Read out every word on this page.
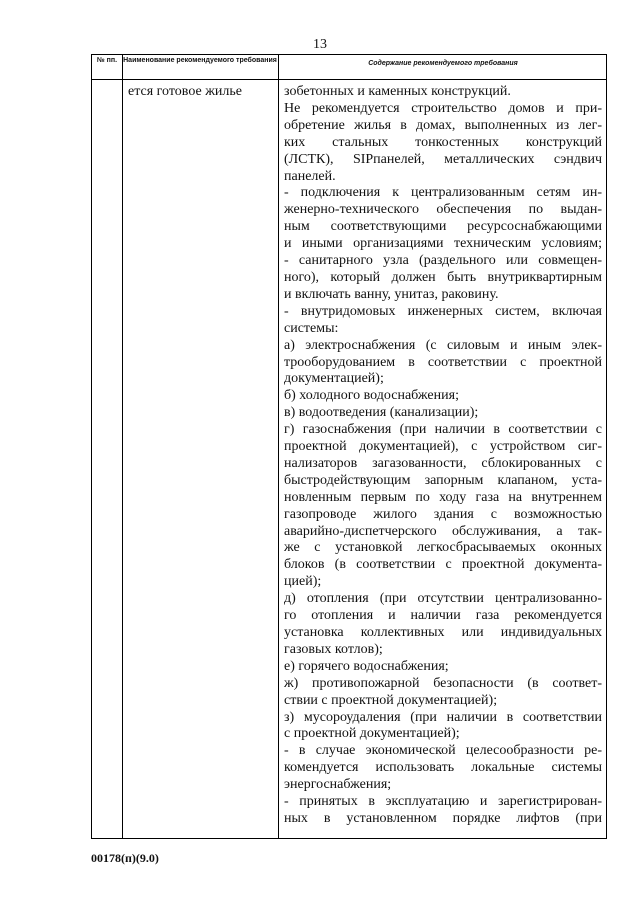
13
№ пп. Наименование рекомендуемого требования	Содержание рекомендуемого требования
ется готовое жилье	зобетонных и каменных конструкций.
Не рекомендуется строительство домов и при-
обретение жилья в домах, выполненных из лег-
ких стальных тонкостенных конструкций
(ЛСТК), SIPпанелей, металлических сэндвич
панелей.
- подключения к централизованным сетям ин-
женерно-технического обеспечения по выдан-
ным соответствующими ресурсоснабжающими
и иными организациями техническим условиям;
- санитарного узла (раздельного или совмещен-
ного), который должен быть внутриквартирным
и включать ванну, унитаз, раковину.
- внутридомовых инженерных систем, включая
системы:
а) электроснабжения (с силовым и иным элек-
трооборудованием в соответствии с проектной
документацией);
б) холодного водоснабжения;
в) водоотведения (канализации);
г) газоснабжения (при наличии в соответствии с
проектной документацией), с устройством сиг-
нализаторов загазованности, сблокированных с
быстродействующим запорным клапаном, уста-
новленным первым по ходу газа на внутреннем
газопроводе жилого здания с возможностью
аварийно-диспетчерского обслуживания, а так-
же с установкой легкосбрасываемых оконных
блоков (в соответствии с проектной документа-
цией);
д) отопления (при отсутствии централизованно-
го отопления и наличии газа рекомендуется
установка коллективных или индивидуальных
газовых котлов);
е) горячего водоснабжения;
ж) противопожарной безопасности (в соответ-
ствии с проектной документацией);
з) мусороудаления (при наличии в соответствии
с проектной документацией);
- в случае экономической целесообразности ре-
комендуется использовать локальные системы
энергоснабжения;
- принятых в эксплуатацию и зарегистрирован-
ных в установленном порядке лифтов (при
00178(п)(9.0)
